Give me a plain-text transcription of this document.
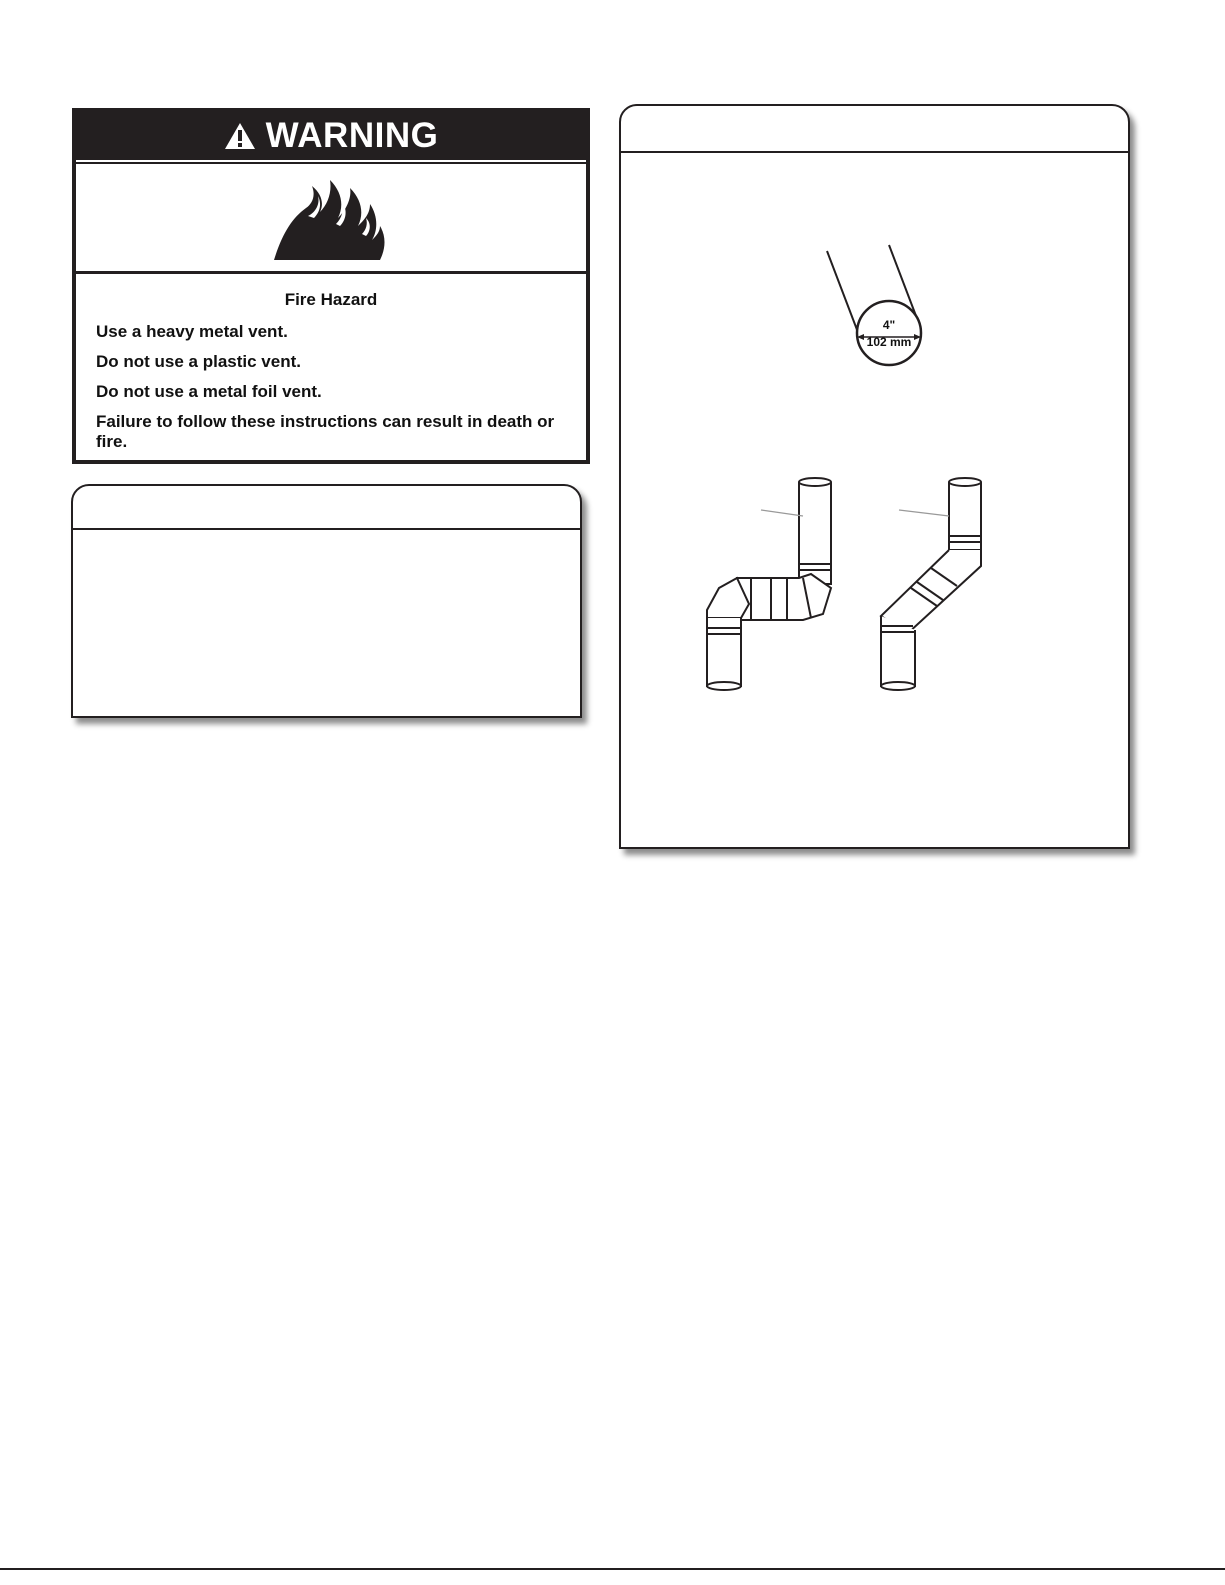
WARNING
Fire Hazard
Use a heavy metal vent.
Do not use a plastic vent.
Do not use a metal foil vent.
Failure to follow these instructions can result in death or fire.
4"
102 mm
